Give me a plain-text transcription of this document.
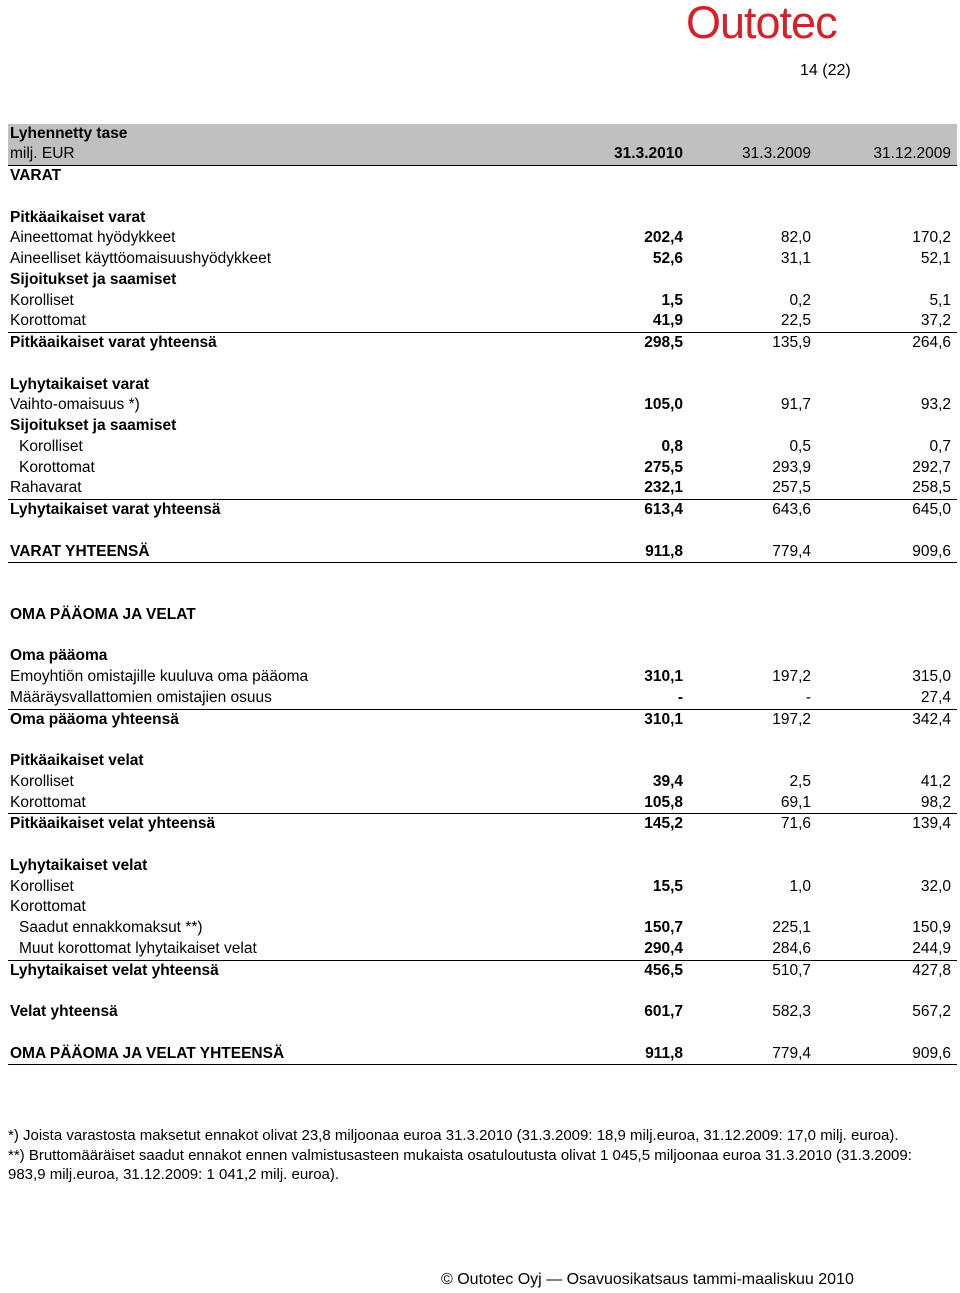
Outotec
14 (22)
Lyhennetty tase
milj. EUR	31.3.2010	31.3.2009	31.12.2009
VARAT
Pitkäaikaiset varat
Aineettomat hyödykkeet	202,4	82,0	170,2
Aineelliset käyttöomaisuushyödykkeet	52,6	31,1	52,1
Sijoitukset ja saamiset
Korolliset	1,5	0,2	5,1
Korottomat	41,9	22,5	37,2
Pitkäaikaiset varat yhteensä	298,5	135,9	264,6
Lyhytaikaiset varat
Vaihto-omaisuus *)	105,0	91,7	93,2
Sijoitukset ja saamiset
Korolliset	0,8	0,5	0,7
Korottomat	275,5	293,9	292,7
Rahavarat	232,1	257,5	258,5
Lyhytaikaiset varat yhteensä	613,4	643,6	645,0
VARAT YHTEENSÄ	911,8	779,4	909,6
OMA PÄÄOMA JA VELAT
Oma pääoma
Emoyhtiön omistajille kuuluva oma pääoma	310,1	197,2	315,0
Määräysvallattomien omistajien osuus	-	-	27,4
Oma pääoma yhteensä	310,1	197,2	342,4
Pitkäaikaiset velat
Korolliset	39,4	2,5	41,2
Korottomat	105,8	69,1	98,2
Pitkäaikaiset velat yhteensä	145,2	71,6	139,4
Lyhytaikaiset velat
Korolliset	15,5	1,0	32,0
Korottomat
Saadut ennakkomaksut **)	150,7	225,1	150,9
Muut korottomat lyhytaikaiset velat	290,4	284,6	244,9
Lyhytaikaiset velat yhteensä	456,5	510,7	427,8
Velat yhteensä	601,7	582,3	567,2
OMA PÄÄOMA JA VELAT YHTEENSÄ	911,8	779,4	909,6
*) Joista varastosta maksetut ennakot olivat 23,8 miljoonaa euroa 31.3.2010 (31.3.2009: 18,9 milj.euroa, 31.12.2009: 17,0 milj. euroa).
**) Bruttomääräiset saadut ennakot ennen valmistusasteen mukaista osatuloutusta olivat 1 045,5 miljoonaa euroa 31.3.2010 (31.3.2009: 983,9 milj.euroa, 31.12.2009: 1 041,2 milj. euroa).
© Outotec Oyj — Osavuosikatsaus tammi-maaliskuu 2010
